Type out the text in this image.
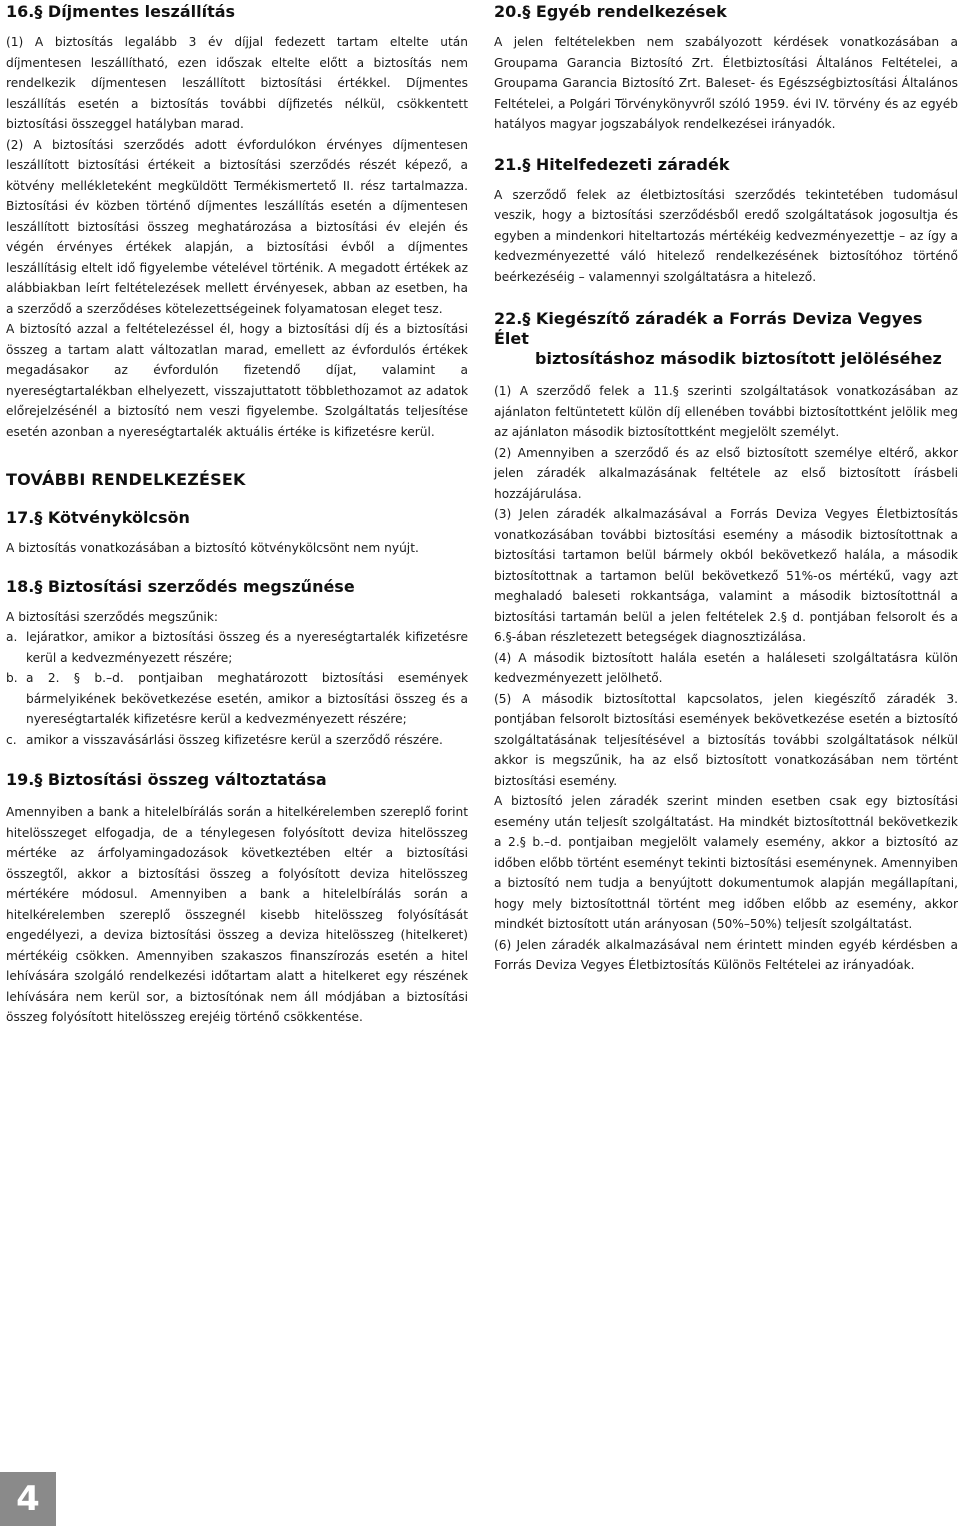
16.§ Díjmentes leszállítás

(1) A biztosítás legalább 3 év díjjal fedezett tartam eltelte után díjmentesen leszállítható, ezen időszak eltelte előtt a biztosítás nem rendelkezik díjmentesen leszállított biztosítási értékkel. Díjmentes leszállítás esetén a biztosítás további díjfizetés nélkül, csökkentett biztosítási összeggel hatályban marad.

(2) A biztosítási szerződés adott évfordulókon érvényes díjmentesen leszállított biztosítási értékeit a biztosítási szerződés részét képező, a kötvény mellékleteként megküldött Termékismertető II. rész tartalmazza. Biztosítási év közben történő díjmentes leszállítás esetén a díjmentesen leszállított biztosítási összeg meghatározása a biztosítási év elején és végén érvényes értékek alapján, a biztosítási évből a díjmentes leszállításig eltelt idő figyelembe vételével történik. A megadott értékek az alábbiakban leírt feltételezések mellett érvényesek, abban az esetben, ha a szerződő a szerződéses kötelezettségeinek folyamatosan eleget tesz.

A biztosító azzal a feltételezéssel él, hogy a biztosítási díj és a biztosítási összeg a tartam alatt változatlan marad, emellett az évfordulós értékek megadásakor az évfordulón fizetendő díjat, valamint a nyereségtartalékban elhelyezett, visszajuttatott többlethozamot az adatok előrejelzésénél a biztosító nem veszi figyelembe. Szolgáltatás teljesítése esetén azonban a nyereségtartalék aktuális értéke is kifizetésre kerül.

TOVÁBBI RENDELKEZÉSEK
17.§ Kötvénykölcsön

A biztosítás vonatkozásában a biztosító kötvénykölcsönt nem nyújt.

18.§ Biztosítási szerződés megszűnése

A biztosítási szerződés megszűnik:

a. lejáratkor, amikor a biztosítási összeg és a nyereségtartalék kifizetésre kerül a kedvezményezett részére;
b. a 2. § b.–d. pontjaiban meghatározott biztosítási események bármelyikének bekövetkezése esetén, amikor a biztosítási összeg és a nyereségtartalék kifizetésre kerül a kedvezményezett részére;
c. amikor a visszavásárlási összeg kifizetésre kerül a szerződő részére.
19.§ Biztosítási összeg változtatása

Amennyiben a bank a hitelelbírálás során a hitelkérelemben szereplő forint hitelösszeget elfogadja, de a ténylegesen folyósított deviza hitelösszeg mértéke az árfolyamingadozások következtében eltér a biztosítási összegtől, akkor a biztosítási összeg a folyósított deviza hitelösszeg mértékére módosul. Amennyiben a bank a hitelelbírálás során a hitelkérelemben szereplő összegnél kisebb hitelösszeg folyósítását engedélyezi, a deviza biztosítási összeg a deviza hitelösszeg (hitelkeret) mértékéig csökken. Amennyiben szakaszos finanszírozás esetén a hitel lehívására szolgáló rendelkezési időtartam alatt a hitelkeret egy részének lehívására nem kerül sor, a biztosítónak nem áll módjában a biztosítási összeg folyósított hitelösszeg erejéig történő csökkentése.

20.§ Egyéb rendelkezések

A jelen feltételekben nem szabályozott kérdések vonatkozásában a Groupama Garancia Biztosító Zrt. Életbiztosítási Általános Feltételei, a Groupama Garancia Biztosító Zrt. Baleset- és Egészségbiztosítási Általános Feltételei, a Polgári Törvénykönyvről szóló 1959. évi IV. törvény és az egyéb hatályos magyar jogszabályok rendelkezései irányadók.

21.§ Hitelfedezeti záradék

A szerződő felek az életbiztosítási szerződés tekintetében tudomásul veszik, hogy a biztosítási szerződésből eredő szolgáltatások jogosultja és egyben a mindenkori hiteltartozás mértékéig kedvezményezettje – az így a kedvezményezetté váló hitelező rendelkezésének biztosítóhoz történő beérkezéséig – valamennyi szolgáltatásra a hitelező.

22.§ Kiegészítő záradék a Forrás Deviza Vegyes Élet
biztosításhoz második biztosított jelöléséhez

(1) A szerződő felek a 11.§ szerinti szolgáltatások vonatkozásában az ajánlaton feltüntetett külön díj ellenében további biztosítottként jelölik meg az ajánlaton második biztosítottként megjelölt személyt.

(2) Amennyiben a szerződő és az első biztosított személye eltérő, akkor jelen záradék alkalmazásának feltétele az első biztosított írásbeli hozzájárulása.

(3) Jelen záradék alkalmazásával a Forrás Deviza Vegyes Életbiztosítás vonatkozásában további biztosítási esemény a második biztosítottnak a biztosítási tartamon belül bármely okból bekövetkező halála, a második biztosítottnak a tartamon belül bekövetkező 51%-os mértékű, vagy azt meghaladó baleseti rokkantsága, valamint a második biztosítottnál a biztosítási tartamán belül a jelen feltételek 2.§ d. pontjában felsorolt és a 6.§-ában részletezett betegségek diagnosztizálása.

(4) A második biztosított halála esetén a haláleseti szolgáltatásra külön kedvezményezett jelölhető.

(5) A második biztosítottal kapcsolatos, jelen kiegészítő záradék 3. pontjában felsorolt biztosítási események bekövetkezése esetén a biztosító szolgáltatásának teljesítésével a biztosítás további szolgáltatások nélkül akkor is megszűnik, ha az első biztosított vonatkozásában nem történt biztosítási esemény.

A biztosító jelen záradék szerint minden esetben csak egy biztosítási esemény után teljesít szolgáltatást. Ha mindkét biztosítottnál bekövetkezik a 2.§ b.–d. pontjaiban megjelölt valamely esemény, akkor a biztosító az időben előbb történt eseményt tekinti biztosítási eseménynek. Amennyiben a biztosító nem tudja a benyújtott dokumentumok alapján megállapítani, hogy mely biztosítottnál történt meg időben előbb az esemény, akkor mindkét biztosított után arányosan (50%–50%) teljesít szolgáltatást.

(6) Jelen záradék alkalmazásával nem érintett minden egyéb kérdésben a Forrás Deviza Vegyes Életbiztosítás Különös Feltételei az irányadóak.

4
